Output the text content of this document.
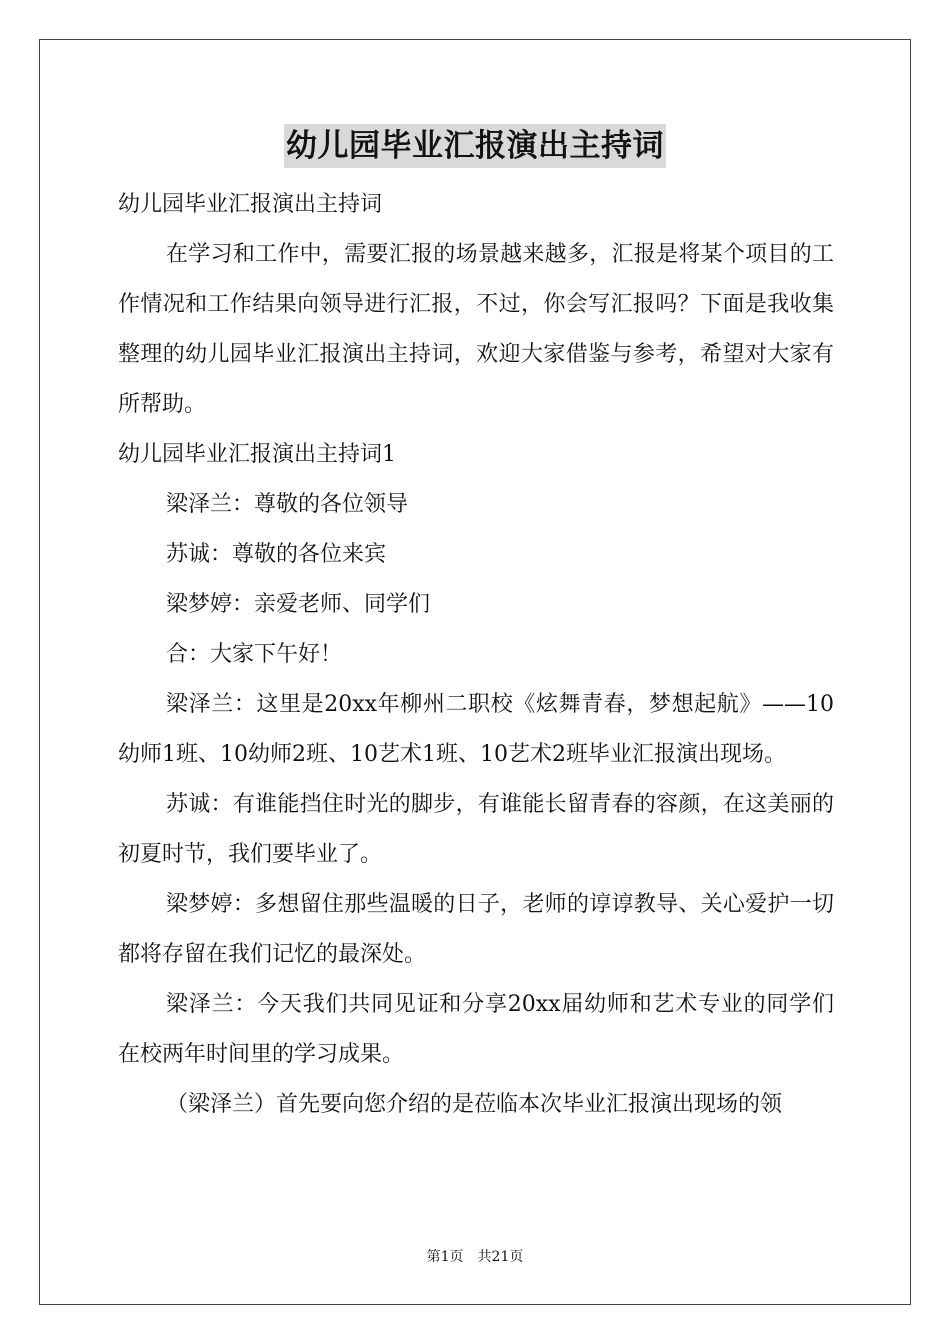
幼儿园毕业汇报演出主持词

幼儿园毕业汇报演出主持词

在学习和工作中，需要汇报的场景越来越多，汇报是将某个项目的工作情况和工作结果向领导进行汇报，不过，你会写汇报吗？下面是我收集整理的幼儿园毕业汇报演出主持词，欢迎大家借鉴与参考，希望对大家有所帮助。

幼儿园毕业汇报演出主持词1

梁泽兰：尊敬的各位领导

苏诚：尊敬的各位来宾

梁梦婷：亲爱老师、同学们

合：大家下午好！

梁泽兰：这里是20xx年柳州二职校《炫舞青春，梦想起航》——10幼师1班、10幼师2班、10艺术1班、10艺术2班毕业汇报演出现场。

苏诚：有谁能挡住时光的脚步，有谁能长留青春的容颜，在这美丽的初夏时节，我们要毕业了。

梁梦婷：多想留住那些温暖的日子，老师的谆谆教导、关心爱护一切都将存留在我们记忆的最深处。

梁泽兰：今天我们共同见证和分享20xx届幼师和艺术专业的同学们在校两年时间里的学习成果。

（梁泽兰）首先要向您介绍的是莅临本次毕业汇报演出现场的领

第1页　共21页
